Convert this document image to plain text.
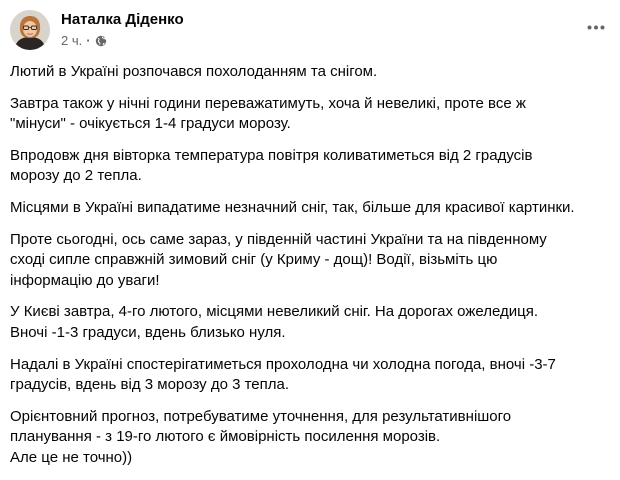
Наталка Діденко
2 ч. ·

Лютий в Україні розпочався похолоданням та снігом.

Завтра також у нічні години переважатимуть, хоча й невеликі, проте все ж
"мінуси" - очікується 1-4 градуси морозу.

Впродовж дня вівторка температура повітря коливатиметься від 2 градусів
морозу до 2 тепла.

Місцями в Україні випадатиме незначний сніг, так, більше для красивої картинки.

Проте сьогодні, ось саме зараз, у південній частині України та на південному
сході сипле справжній зимовий сніг (у Криму - дощ)! Водії, візьміть цю
інформацію до уваги!

У Києві завтра, 4-го лютого, місцями невеликий сніг. На дорогах ожеледиця.
Вночі -1-3 градуси, вдень близько нуля.

Надалі в Україні спостерігатиметься прохолодна чи холодна погода, вночі -3-7
градусів, вдень від 3 морозу до 3 тепла.

Орієнтовний прогноз, потребуватиме уточнення, для результативнішого
планування - з 19-го лютого є ймовірність посилення морозів.
Але це не точно))
